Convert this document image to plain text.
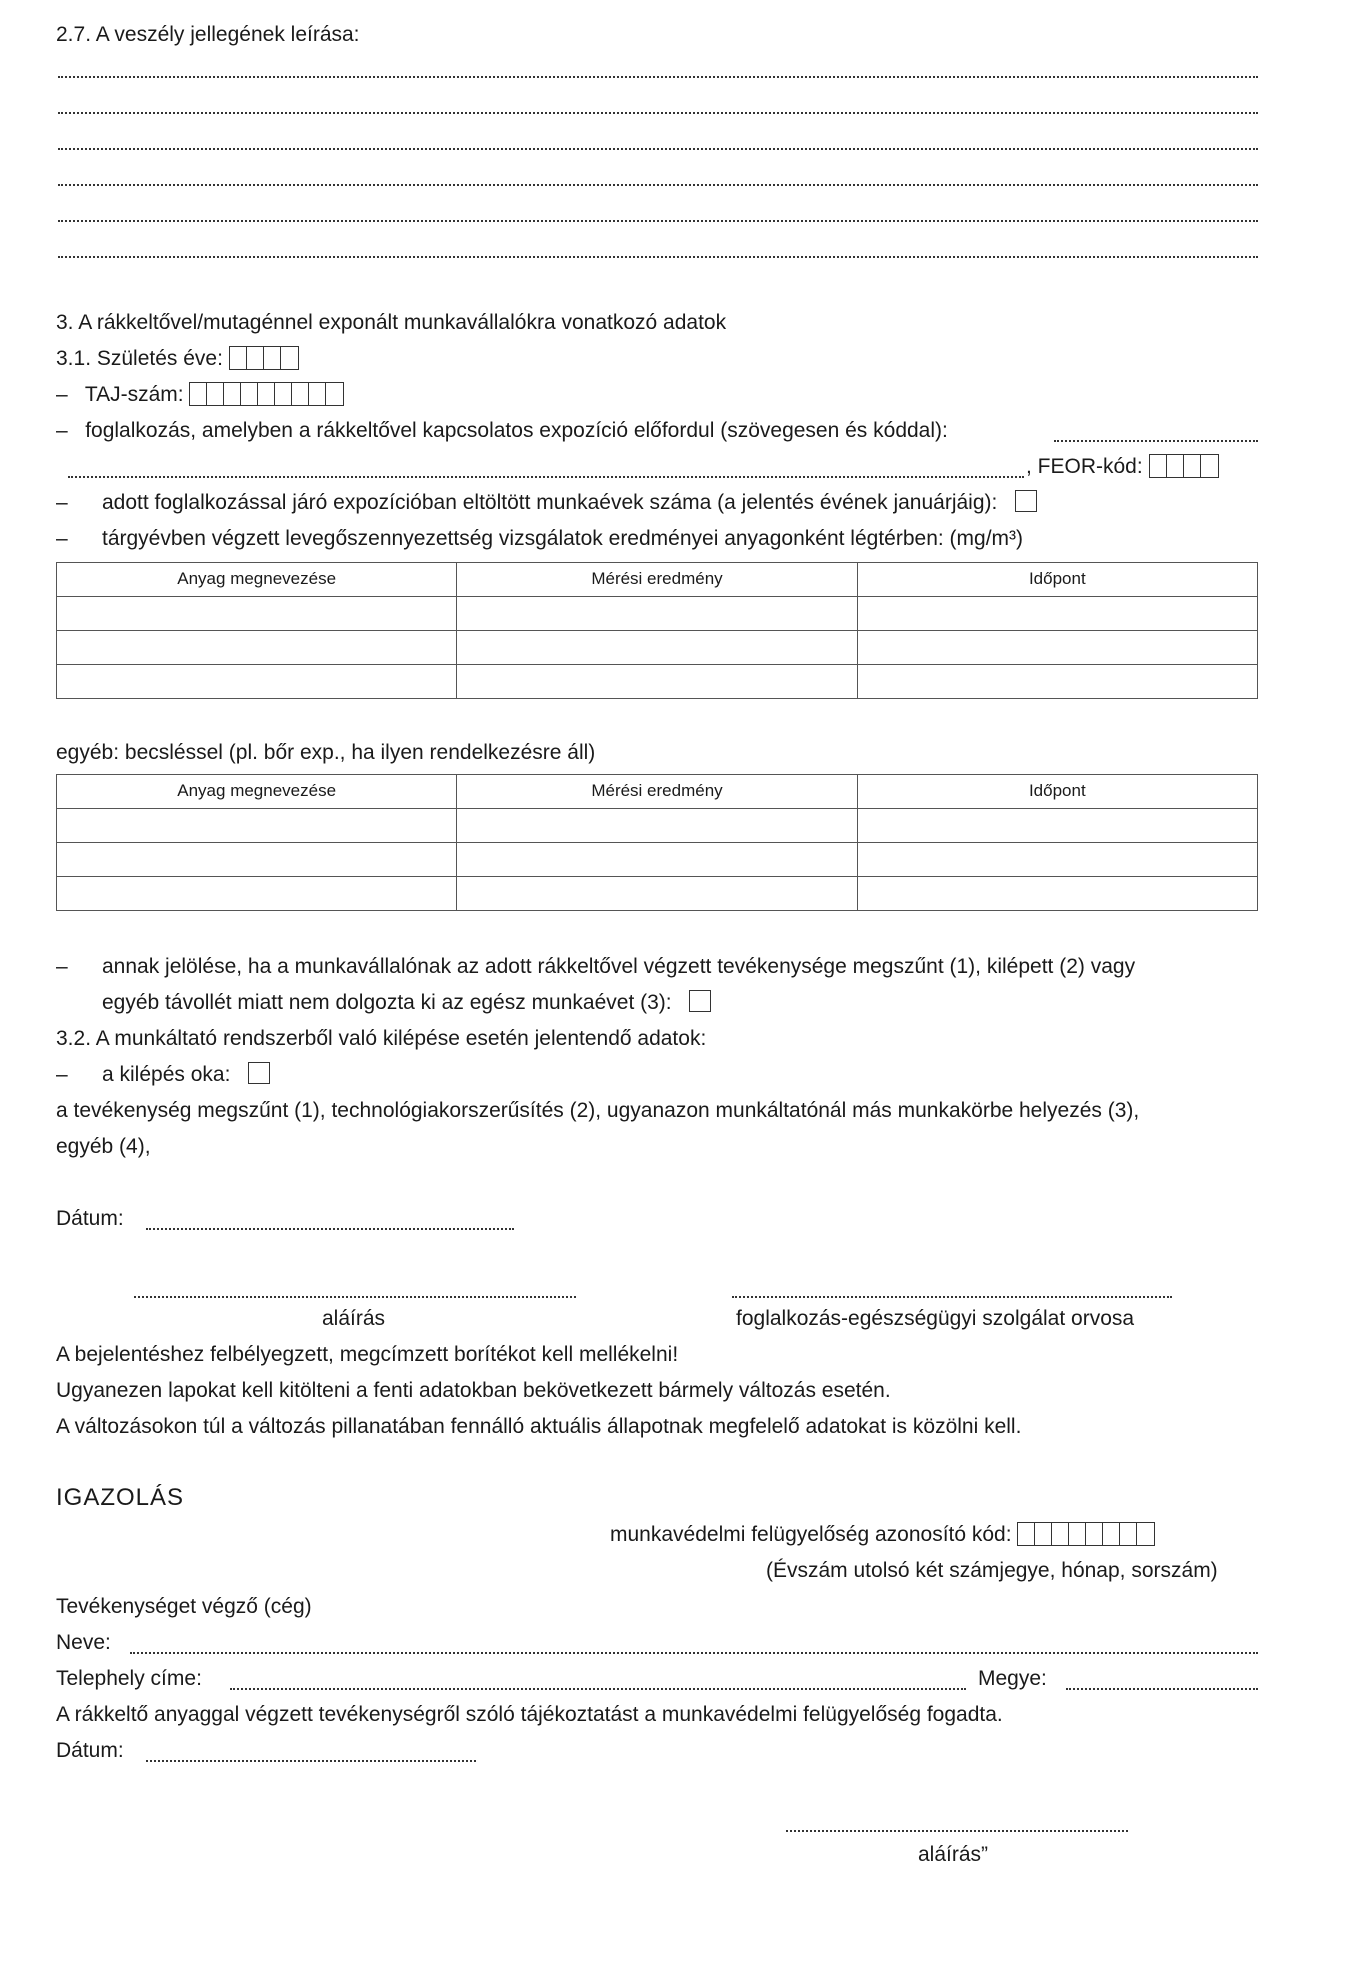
2.7. A veszély jellegének leírása:
3. A rákkeltővel/mutagénnel exponált munkavállalókra vonatkozó adatok
3.1. Születés éve:
–   TAJ-szám:
–   foglalkozás, amelyben a rákkeltővel kapcsolatos expozíció előfordul (szövegesen és kóddal):
, FEOR-kód:
– adott foglalkozással járó expozícióban eltöltött munkaévek száma (a jelentés évének januárjáig):
– tárgyévben végzett levegőszennyezettség vizsgálatok eredményei anyagonként légtérben: (mg/m³)
Anyag megnevezése	Mérési eredmény	Időpont

egyéb: becsléssel (pl. bőr exp., ha ilyen rendelkezésre áll)
Anyag megnevezése	Mérési eredmény	Időpont

– annak jelölése, ha a munkavállalónak az adott rákkeltővel végzett tevékenysége megszűnt (1), kilépett (2) vagy
egyéb távollét miatt nem dolgozta ki az egész munkaévet (3):
3.2. A munkáltató rendszerből való kilépése esetén jelentendő adatok:
– a kilépés oka:
a tevékenység megszűnt (1), technológiakorszerűsítés (2), ugyanazon munkáltatónál más munkakörbe helyezés (3),
egyéb (4),
Dátum:
aláírás	foglalkozás-egészségügyi szolgálat orvosa
A bejelentéshez felbélyegzett, megcímzett borítékot kell mellékelni!
Ugyanezen lapokat kell kitölteni a fenti adatokban bekövetkezett bármely változás esetén.
A változásokon túl a változás pillanatában fennálló aktuális állapotnak megfelelő adatokat is közölni kell.
IGAZOLÁS
munkavédelmi felügyelőség azonosító kód:
(Évszám utolsó két számjegye, hónap, sorszám)
Tevékenységet végző (cég)
Neve:
Telephely címe:	Megye:
A rákkeltő anyaggal végzett tevékenységről szóló tájékoztatást a munkavédelmi felügyelőség fogadta.
Dátum:
aláírás”
